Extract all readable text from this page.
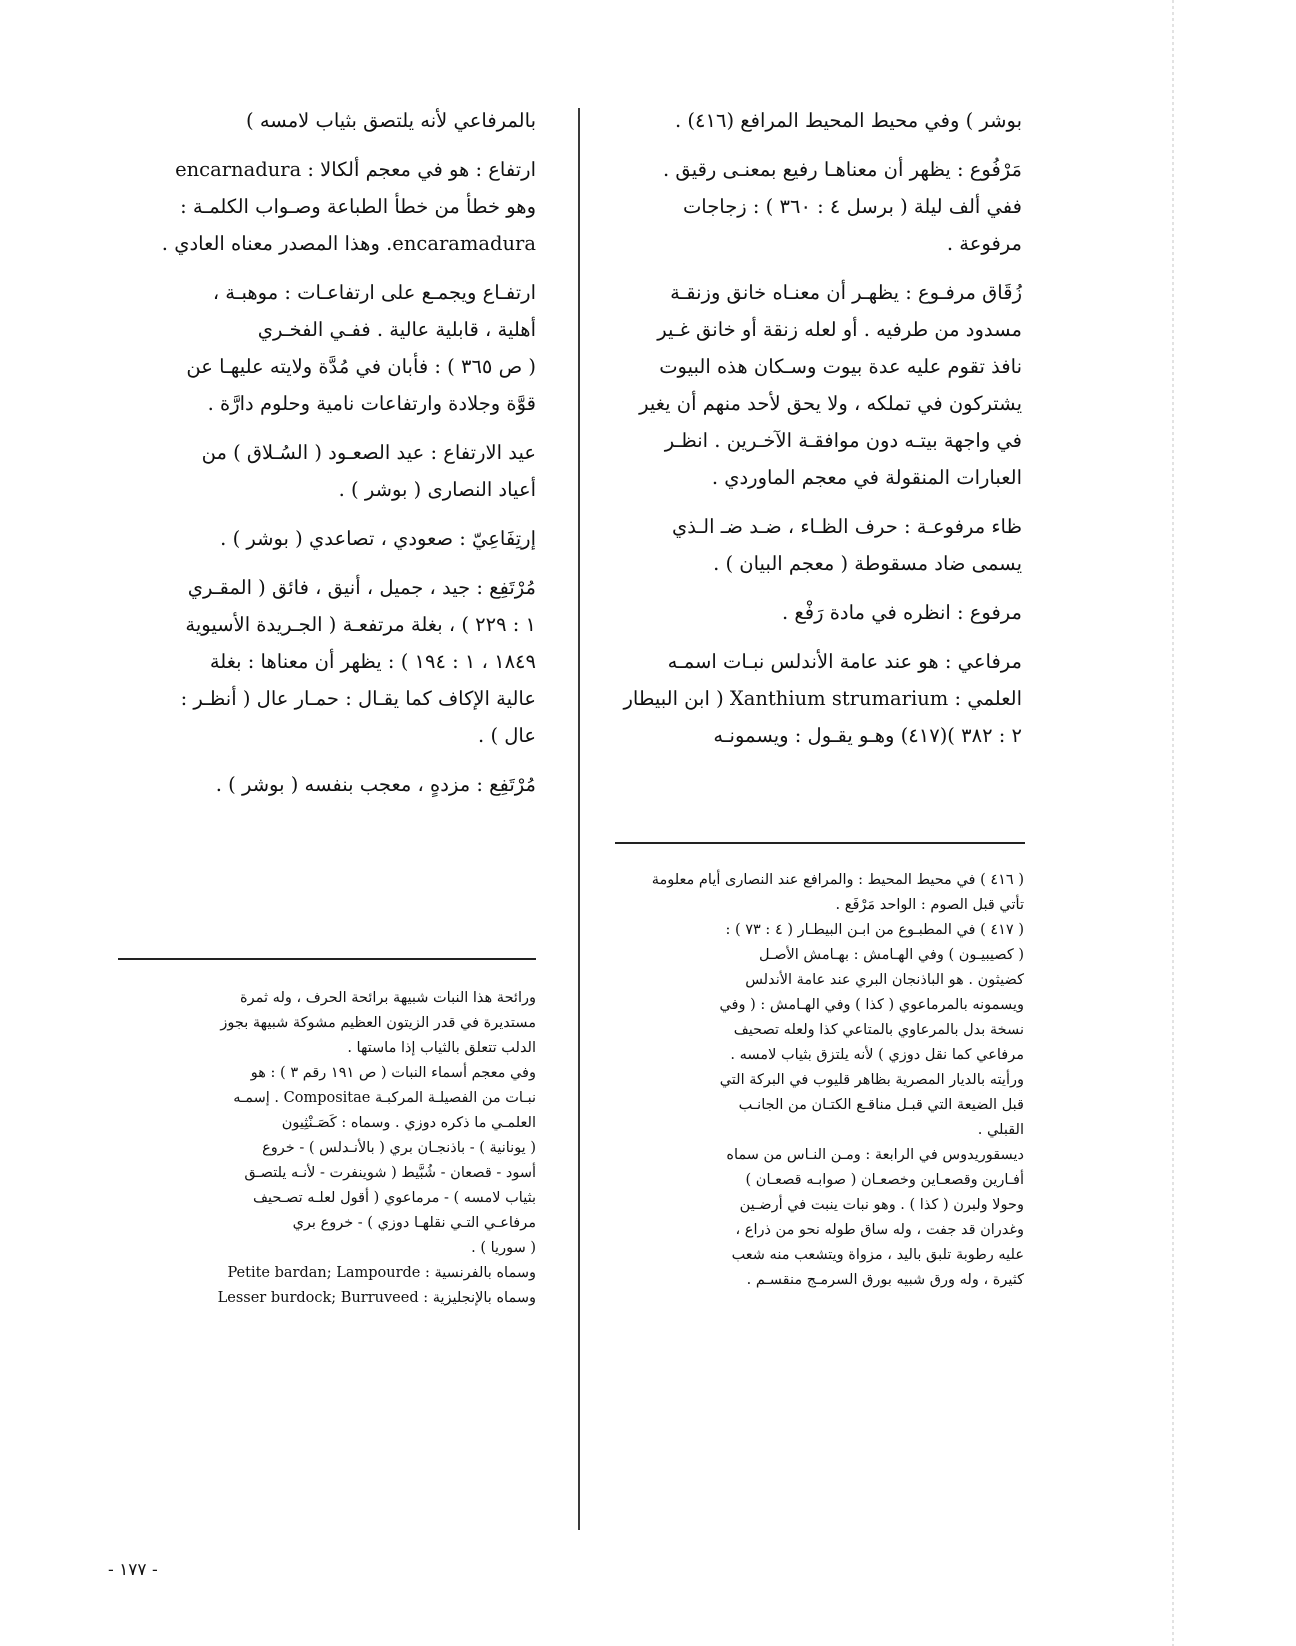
بوشر ) وفي محيط المحيط المرافع (٤١٦) .

مَرْفُوع : يظهر أن معناهـا رفيع بمعنـى رقيق .
ففي ألف ليلة ( برسل ٤ : ٣٦٠ ) : زجاجات
مرفوعة .

زُقَاق مرفـوع : يظهـر أن معنـاه خانق وزنقـة
مسدود من طرفيه . أو لعله زنقة أو خانق غـير
نافذ تقوم عليه عدة بيوت وسـكان هذه البيوت
يشتركون في تملكه ، ولا يحق لأحد منهم أن يغير
في واجهة بيتـه دون موافقـة الآخـرين . انظـر
العبارات المنقولة في معجم الماوردي .

ظاء مرفوعـة : حرف الظـاء ، ضـد ضـ الـذي
يسمى ضاد مسقوطة ( معجم البيان ) .

مرفوع : انظره في مادة رَفْع .

مرفاعي : هو عند عامة الأندلس نبـات اسمـه
العلمي : Xanthium strumarium ( ابن البيطار
٢ : ٣٨٢ )(٤١٧) وهـو يقـول : ويسمونـه

( ٤١٦ ) في محيط المحيط : والمرافع عند النصارى أيام معلومة
تأتي قبل الصوم : الواحد مَرْفَع .

( ٤١٧ ) في المطبـوع من ابـن البيطـار ( ٤ : ٧٣ ) :
( كصيبيـون ) وفي الهـامش : بهـامش الأصـل
كضيثون . هو الباذنجان البري عند عامة الأندلس
ويسمونه بالمرماعوي ( كذا ) وفي الهـامش : ( وفي
نسخة بدل بالمرعاوي بالمتاعي كذا ولعله تصحيف
مرفاعي كما نقل دوزي ) لأنه يلتزق بثياب لامسه .
ورأيته بالديار المصرية بظاهر قليوب في البركة التي
قبل الضيعة التي قبـل مناقـع الكتـان من الجانـب
القبلي .
ديسقوريدوس في الرابعة : ومـن النـاس من سماه
أفـارين وقصعـاين وخصعـان ( صوابـه قصعـان )
وحولا ولبرن ( كذا ) . وهو نبات ينبت في أرضـين
وغدران قد جفت ، وله ساق طوله نحو من ذراع ،
عليه رطوبة تلبق باليد ، مزواة ويتشعب منه شعب
كثيرة ، وله ورق شبيه بورق السرمـج منقسـم .

بالمرفاعي لأنه يلتصق بثياب لامسه )

ارتفاع : هو في معجم ألكالا : encarnadura
وهو خطأ من خطأ الطباعة وصـواب الكلمـة :
encaramadura. وهذا المصدر معناه العادي .

ارتفـاع ويجمـع على ارتفاعـات : موهبـة ،
أهلية ، قابلية عالية . ففـي الفخـري
( ص ٣٦٥ ) : فأبان في مُدَّة ولايته عليهـا عن
قوَّة وجلادة وارتفاعات نامية وحلوم دارَّة .

عيد الارتفاع : عيد الصعـود ( السُـلاق ) من
أعياد النصارى ( بوشر ) .

إرتِفَاعِيّ : صعودي ، تصاعدي ( بوشر ) .

مُرْتَفِع : جيد ، جميل ، أنيق ، فائق ( المقـري
١ : ٢٢٩ ) ، بغلة مرتفعـة ( الجـريدة الأسيوية
١٨٤٩ ، ١ : ١٩٤ ) : يظهر أن معناها : بغلة
عالية الإكاف كما يقـال : حمـار عال ( أنظـر :
عال ) .

مُرْتَفِع : مزدهٍ ، معجب بنفسه ( بوشر ) .

ورائحة هذا النبات شبيهة برائحة الحرف ، وله ثمرة
مستديرة في قدر الزيتون العظيم مشوكة شبيهة بجوز
الدلب تتعلق بالثياب إذا ماستها .

وفي معجم أسماء النبات ( ص ١٩١ رقم ٣ ) : هو
نبـات من الفصيلـة المركبـة Compositae . إسمـه
العلمـي ما ذكره دوزي . وسماه : كَصَـنْثِيون
( يونانية ) - باذنجـان بري ( بالأنـدلس ) - خروع
أسود - قصعان - شُبَّيط ( شوينفرت - لأنـه يلتصـق
بثياب لامسه ) - مرماعوي ( أقول لعلـه تصـحيف
مرفاعـي التـي نقلهـا دوزي ) - خروع بري
( سوريا ) .

وسماه بالفرنسية : Petite bardan; Lampourde

وسماه بالإنجليزية : Lesser burdock; Burruveed

- ١٧٧ -
